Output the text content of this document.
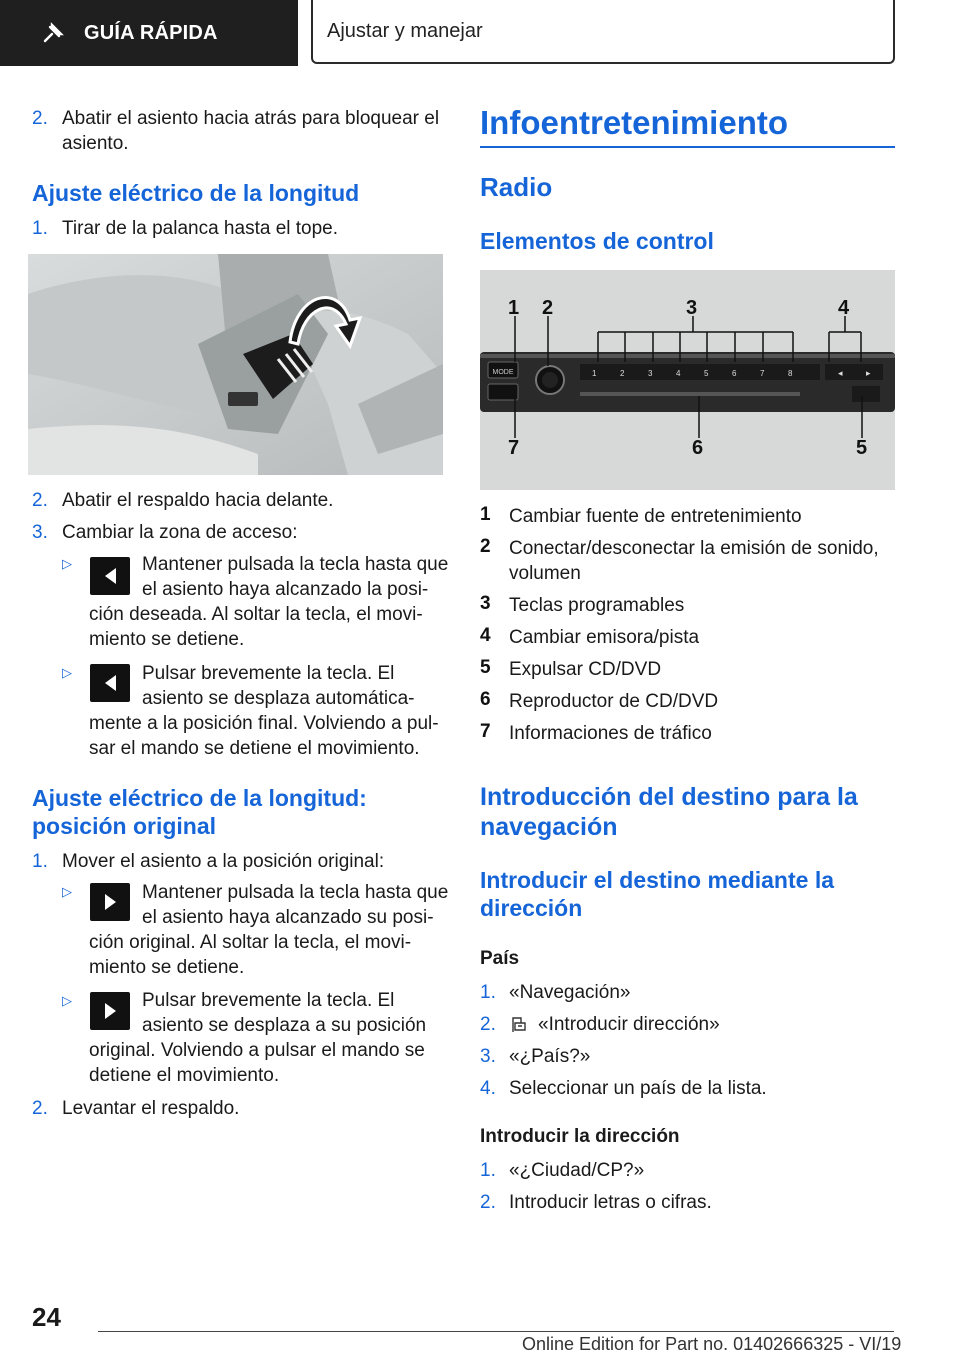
GUÍA RÁPIDA	Ajustar y manejar
2. Abatir el asiento hacia atrás para bloquear el
asiento.
Ajuste eléctrico de la longitud
1. Tirar de la palanca hasta el tope.
2. Abatir el respaldo hacia delante.
3. Cambiar la zona de acceso:
▷	Mantener pulsada la tecla hasta que
el asiento haya alcanzado la posi-
ción deseada. Al soltar la tecla, el movi-
miento se detiene.
▷	Pulsar brevemente la tecla. El
asiento se desplaza automática-
mente a la posición final. Volviendo a pul-
sar el mando se detiene el movimiento.
Ajuste eléctrico de la longitud:
posición original
1. Mover el asiento a la posición original:
▷	Mantener pulsada la tecla hasta que
el asiento haya alcanzado su posi-
ción original. Al soltar la tecla, el movi-
miento se detiene.
▷	Pulsar brevemente la tecla. El
asiento se desplaza a su posición
original. Volviendo a pulsar el mando se
detiene el movimiento.
2. Levantar el respaldo.
Infoentretenimiento
Radio
Elementos de control
MODE	1	2	3	4	5	6	7	8	◂	▸
1 2	3	4
5
6
7
1 Cambiar fuente de entretenimiento
2 Conectar/desconectar la emisión de sonido,
volumen
3 Teclas programables
4 Cambiar emisora/pista
5 Expulsar CD/DVD
6 Reproductor de CD/DVD
7 Informaciones de tráfico
Introducción del destino para la
navegación
Introducir el destino mediante la
dirección
País
1. «Navegación»
2. «Introducir dirección»
3. «¿País?»
4. Seleccionar un país de la lista.
Introducir la dirección
1. «¿Ciudad/CP?»
2. Introducir letras o cifras.
24
Online Edition for Part no. 01402666325 - VI/19
